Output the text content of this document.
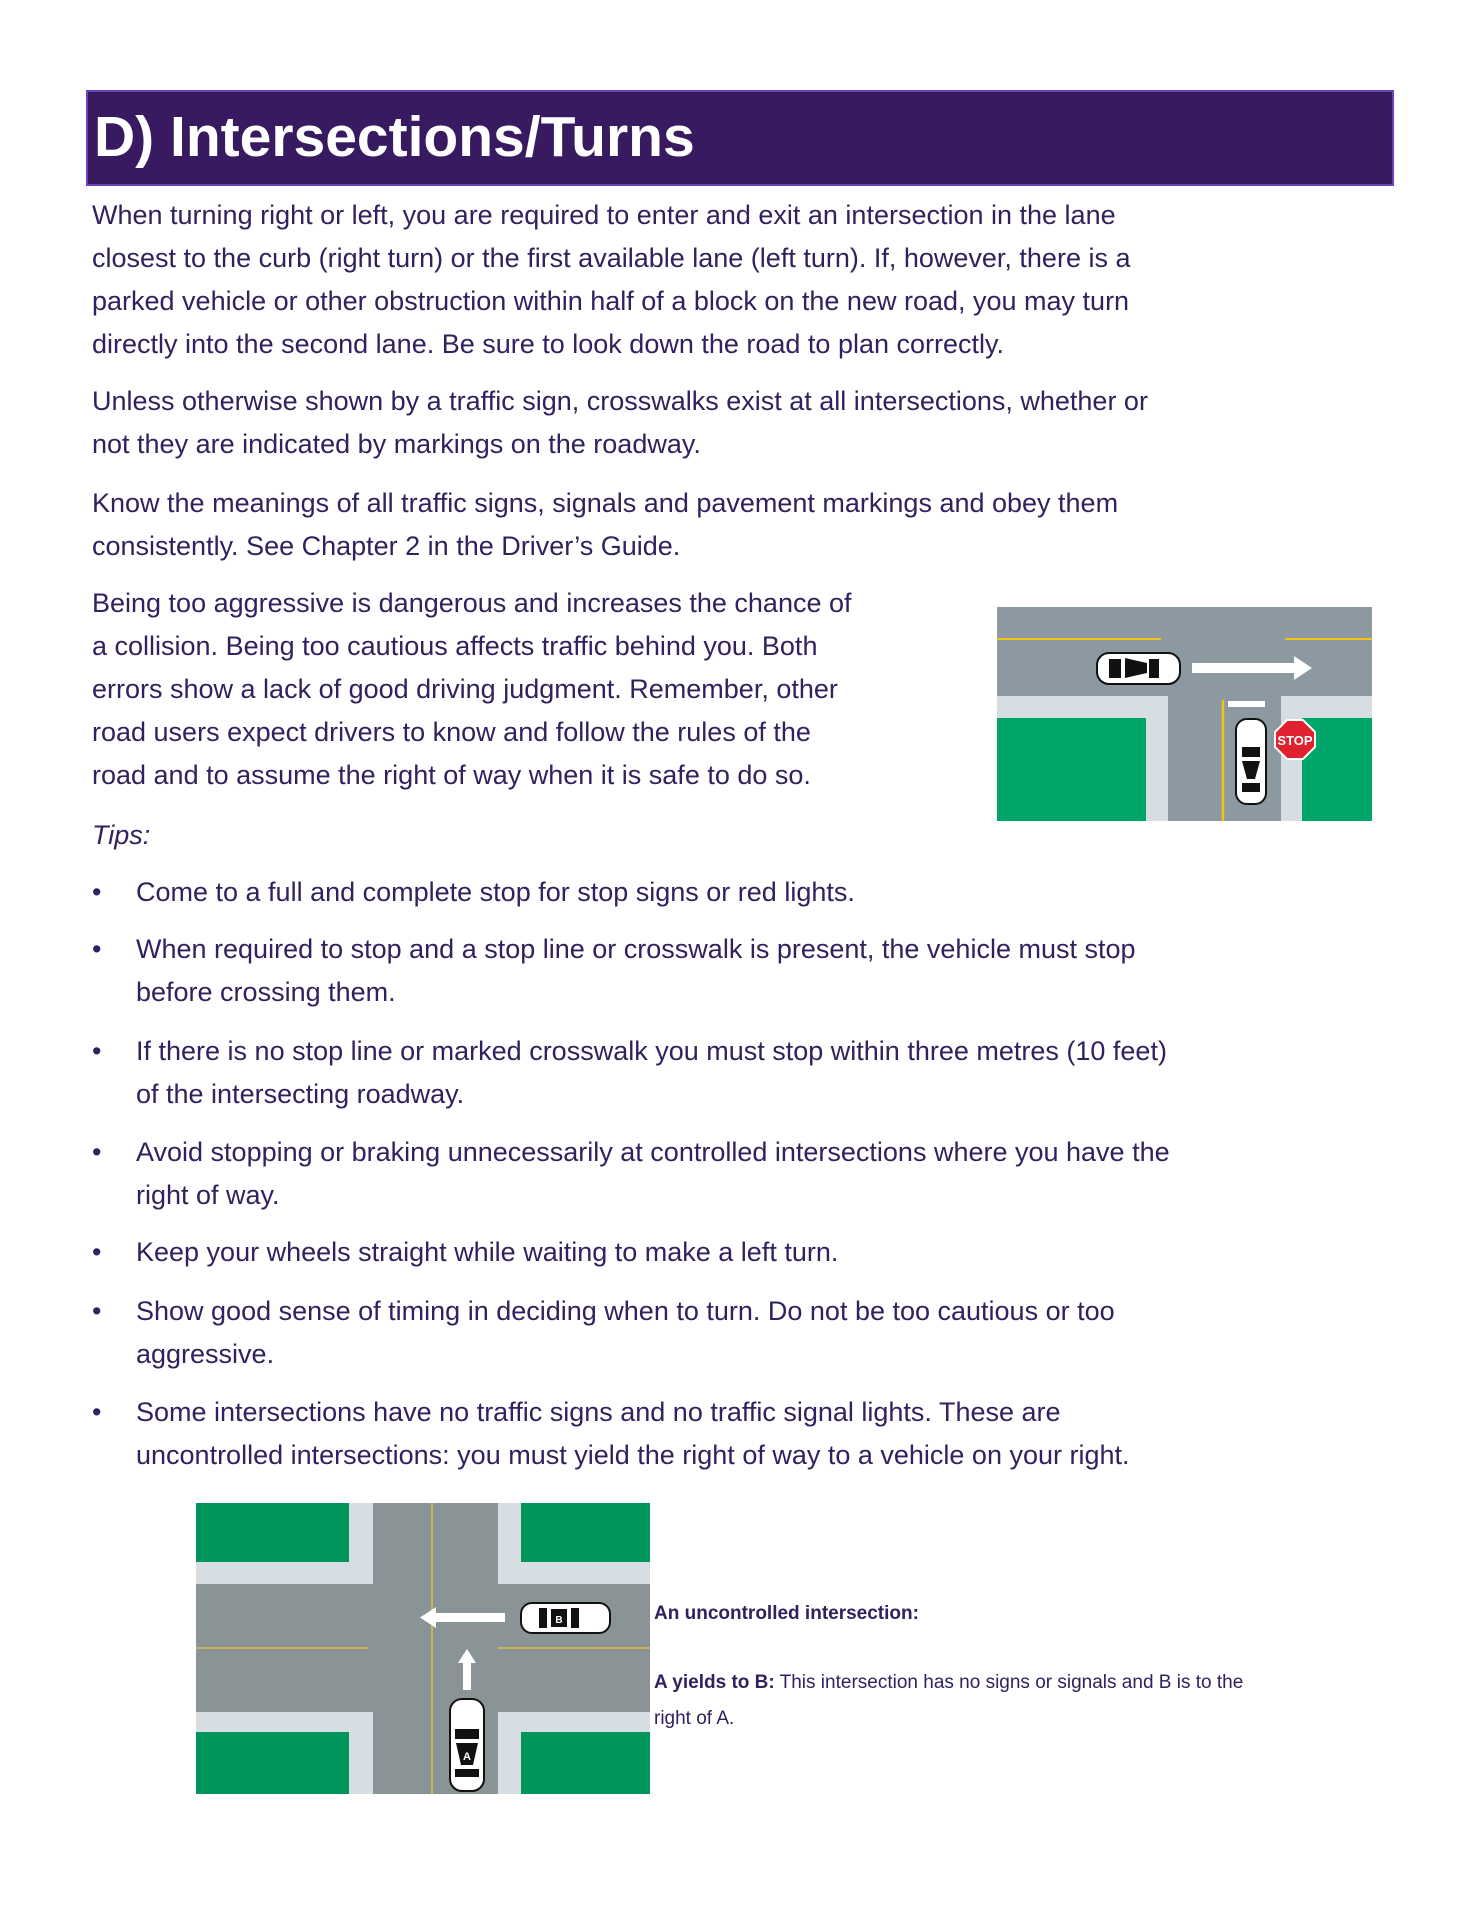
D) Intersections/Turns
When turning right or left, you are required to enter and exit an intersection in the lane
closest to the curb (right turn) or the first available lane (left turn). If, however, there is a
parked vehicle or other obstruction within half of a block on the new road, you may turn
directly into the second lane. Be sure to look down the road to plan correctly.
Unless otherwise shown by a traffic sign, crosswalks exist at all intersections, whether or
not they are indicated by markings on the roadway.
Know the meanings of all traffic signs, signals and pavement markings and obey them
consistently. See Chapter 2 in the Driver’s Guide.
Being too aggressive is dangerous and increases the chance of
a collision. Being too cautious affects traffic behind you. Both
errors show a lack of good driving judgment. Remember, other
road users expect drivers to know and follow the rules of the
road and to assume the right of way when it is safe to do so.
STOP
Tips:
•	Come to a full and complete stop for stop signs or red lights.
•	When required to stop and a stop line or crosswalk is present, the vehicle must stop
before crossing them.
•	If there is no stop line or marked crosswalk you must stop within three metres (10 feet)
of the intersecting roadway.
•	Avoid stopping or braking unnecessarily at controlled intersections where you have the
right of way.
•	Keep your wheels straight while waiting to make a left turn.
•	Show good sense of timing in deciding when to turn. Do not be too cautious or too
aggressive.
•	Some intersections have no traffic signs and no traffic signal lights. These are
uncontrolled intersections: you must yield the right of way to a vehicle on your right.
B
A
An uncontrolled intersection:
A yields to B: This intersection has no signs or signals and B is to the
right of A.
